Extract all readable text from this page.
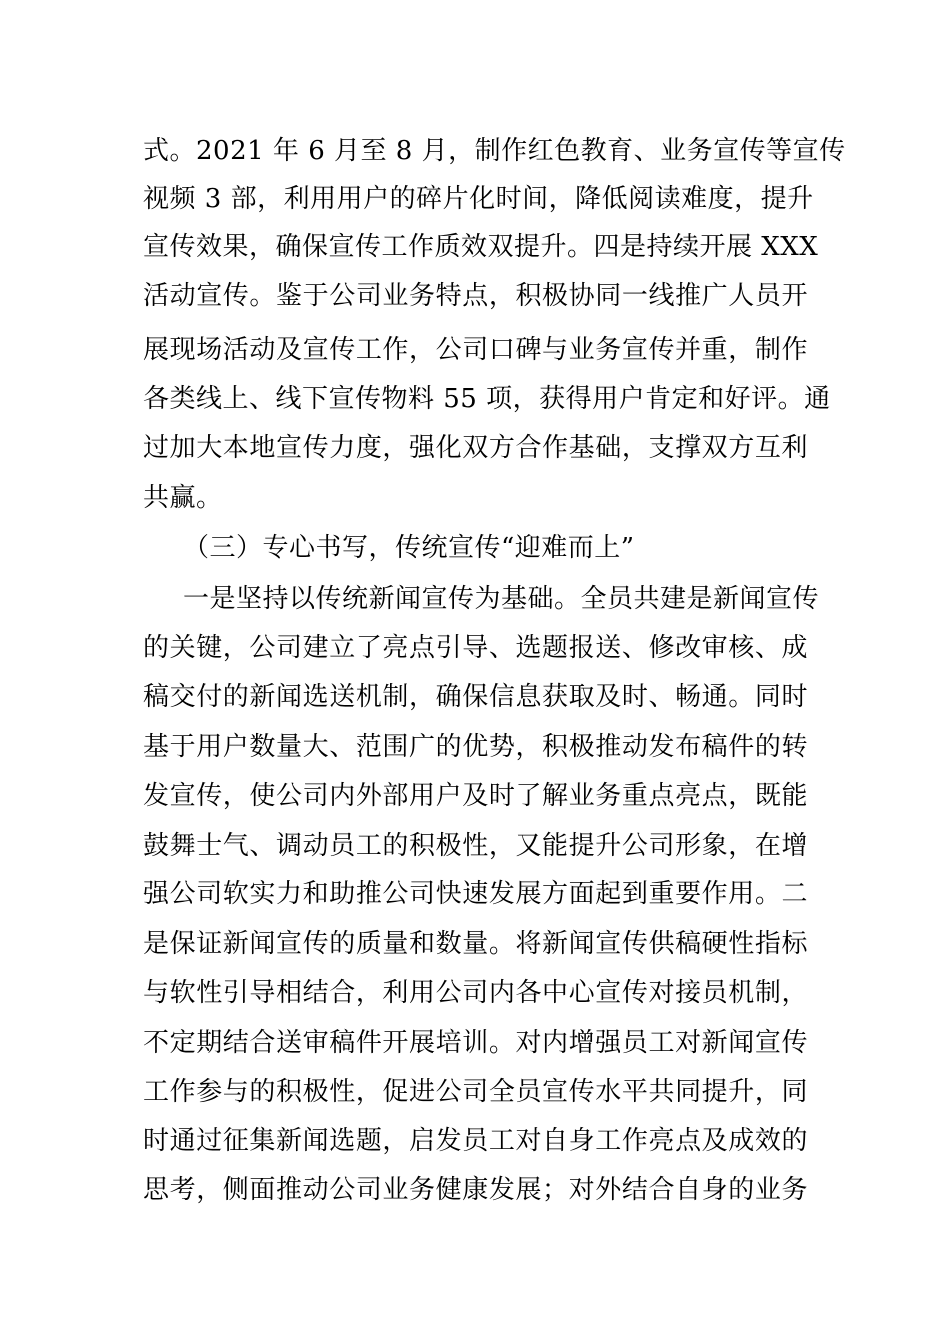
式。2021 年 6 月至 8 月，制作红色教育、业务宣传等宣传
视频 3 部，利用用户的碎片化时间，降低阅读难度，提升
宣传效果，确保宣传工作质效双提升。四是持续开展 XXX
活动宣传。鉴于公司业务特点，积极协同一线推广人员开
展现场活动及宣传工作，公司口碑与业务宣传并重，制作
各类线上、线下宣传物料 55 项，获得用户肯定和好评。通
过加大本地宣传力度，强化双方合作基础，支撑双方互利
共赢。
（三）专心书写，传统宣传“迎难而上”
一是坚持以传统新闻宣传为基础。全员共建是新闻宣传
的关键，公司建立了亮点引导、选题报送、修改审核、成
稿交付的新闻选送机制，确保信息获取及时、畅通。同时
基于用户数量大、范围广的优势，积极推动发布稿件的转
发宣传，使公司内外部用户及时了解业务重点亮点，既能
鼓舞士气、调动员工的积极性，又能提升公司形象，在增
强公司软实力和助推公司快速发展方面起到重要作用。二
是保证新闻宣传的质量和数量。将新闻宣传供稿硬性指标
与软性引导相结合，利用公司内各中心宣传对接员机制，
不定期结合送审稿件开展培训。对内增强员工对新闻宣传
工作参与的积极性，促进公司全员宣传水平共同提升，同
时通过征集新闻选题，启发员工对自身工作亮点及成效的
思考，侧面推动公司业务健康发展；对外结合自身的业务
